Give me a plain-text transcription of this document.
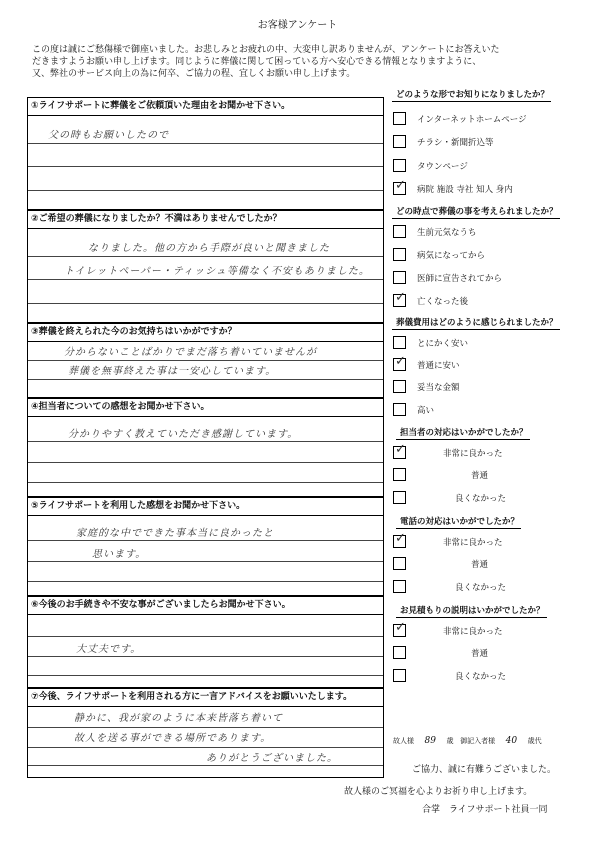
お客様アンケート
この度は誠にご愁傷様で御座いました。お悲しみとお疲れの中、大変申し訳ありませんが、アンケートにお答えいた
だきますようお願い申し上げます。同じように葬儀に関して困っている方へ安心できる情報となりますように、
又、弊社のサービス向上の為に何卒、ご協力の程、宜しくお願い申し上げます。
①ライフサポートに葬儀をご依頼頂いた理由をお聞かせ下さい。
父の時もお願いしたので
②ご希望の葬儀になりましたか？不満はありませんでしたか？
なりました。他の方から手際が良いと聞きました
トイレットペーパー・ティッシュ等備なく不安もありました。
③葬儀を終えられた今のお気持ちはいかがですか？
分からないことばかりでまだ落ち着いていませんが
葬儀を無事終えた事は一安心しています。
④担当者についての感想をお聞かせ下さい。
分かりやすく教えていただき感謝しています。
⑤ライフサポートを利用した感想をお聞かせ下さい。
家庭的な中でできた事本当に良かったと
思います。
⑥今後のお手続きや不安な事がございましたらお聞かせ下さい。
大丈夫です。
⑦今後、ライフサポートを利用される方に一言アドバイスをお願いいたします。
静かに、我が家のように本来皆落ち着いて
故人を送る事ができる場所であります。
ありがとうございました。
どのような形でお知りになりましたか？
インターネットホームページ
チラシ・新聞折込等
タウンページ
✓
病院 施設 寺社 知人 身内
どの時点で葬儀の事を考えられましたか？
生前元気なうち
病気になってから
医師に宣告されてから
✓
亡くなった後
葬儀費用はどのように感じられましたか？
とにかく安い
✓
普通に安い
妥当な金額
高い
担当者の対応はいかがでしたか？
✓
非常に良かった
普通
良くなかった
電話の対応はいかがでしたか？
✓
非常に良かった
普通
良くなかった
お見積もりの説明はいかがでしたか？
✓
非常に良かった
普通
良くなかった
故人様 89 歳 御記入者様 40 歳代
ご協力、誠に有難うございました。
故人様のご冥福を心よりお祈り申し上げます。
合掌　ライフサポート社員一同
